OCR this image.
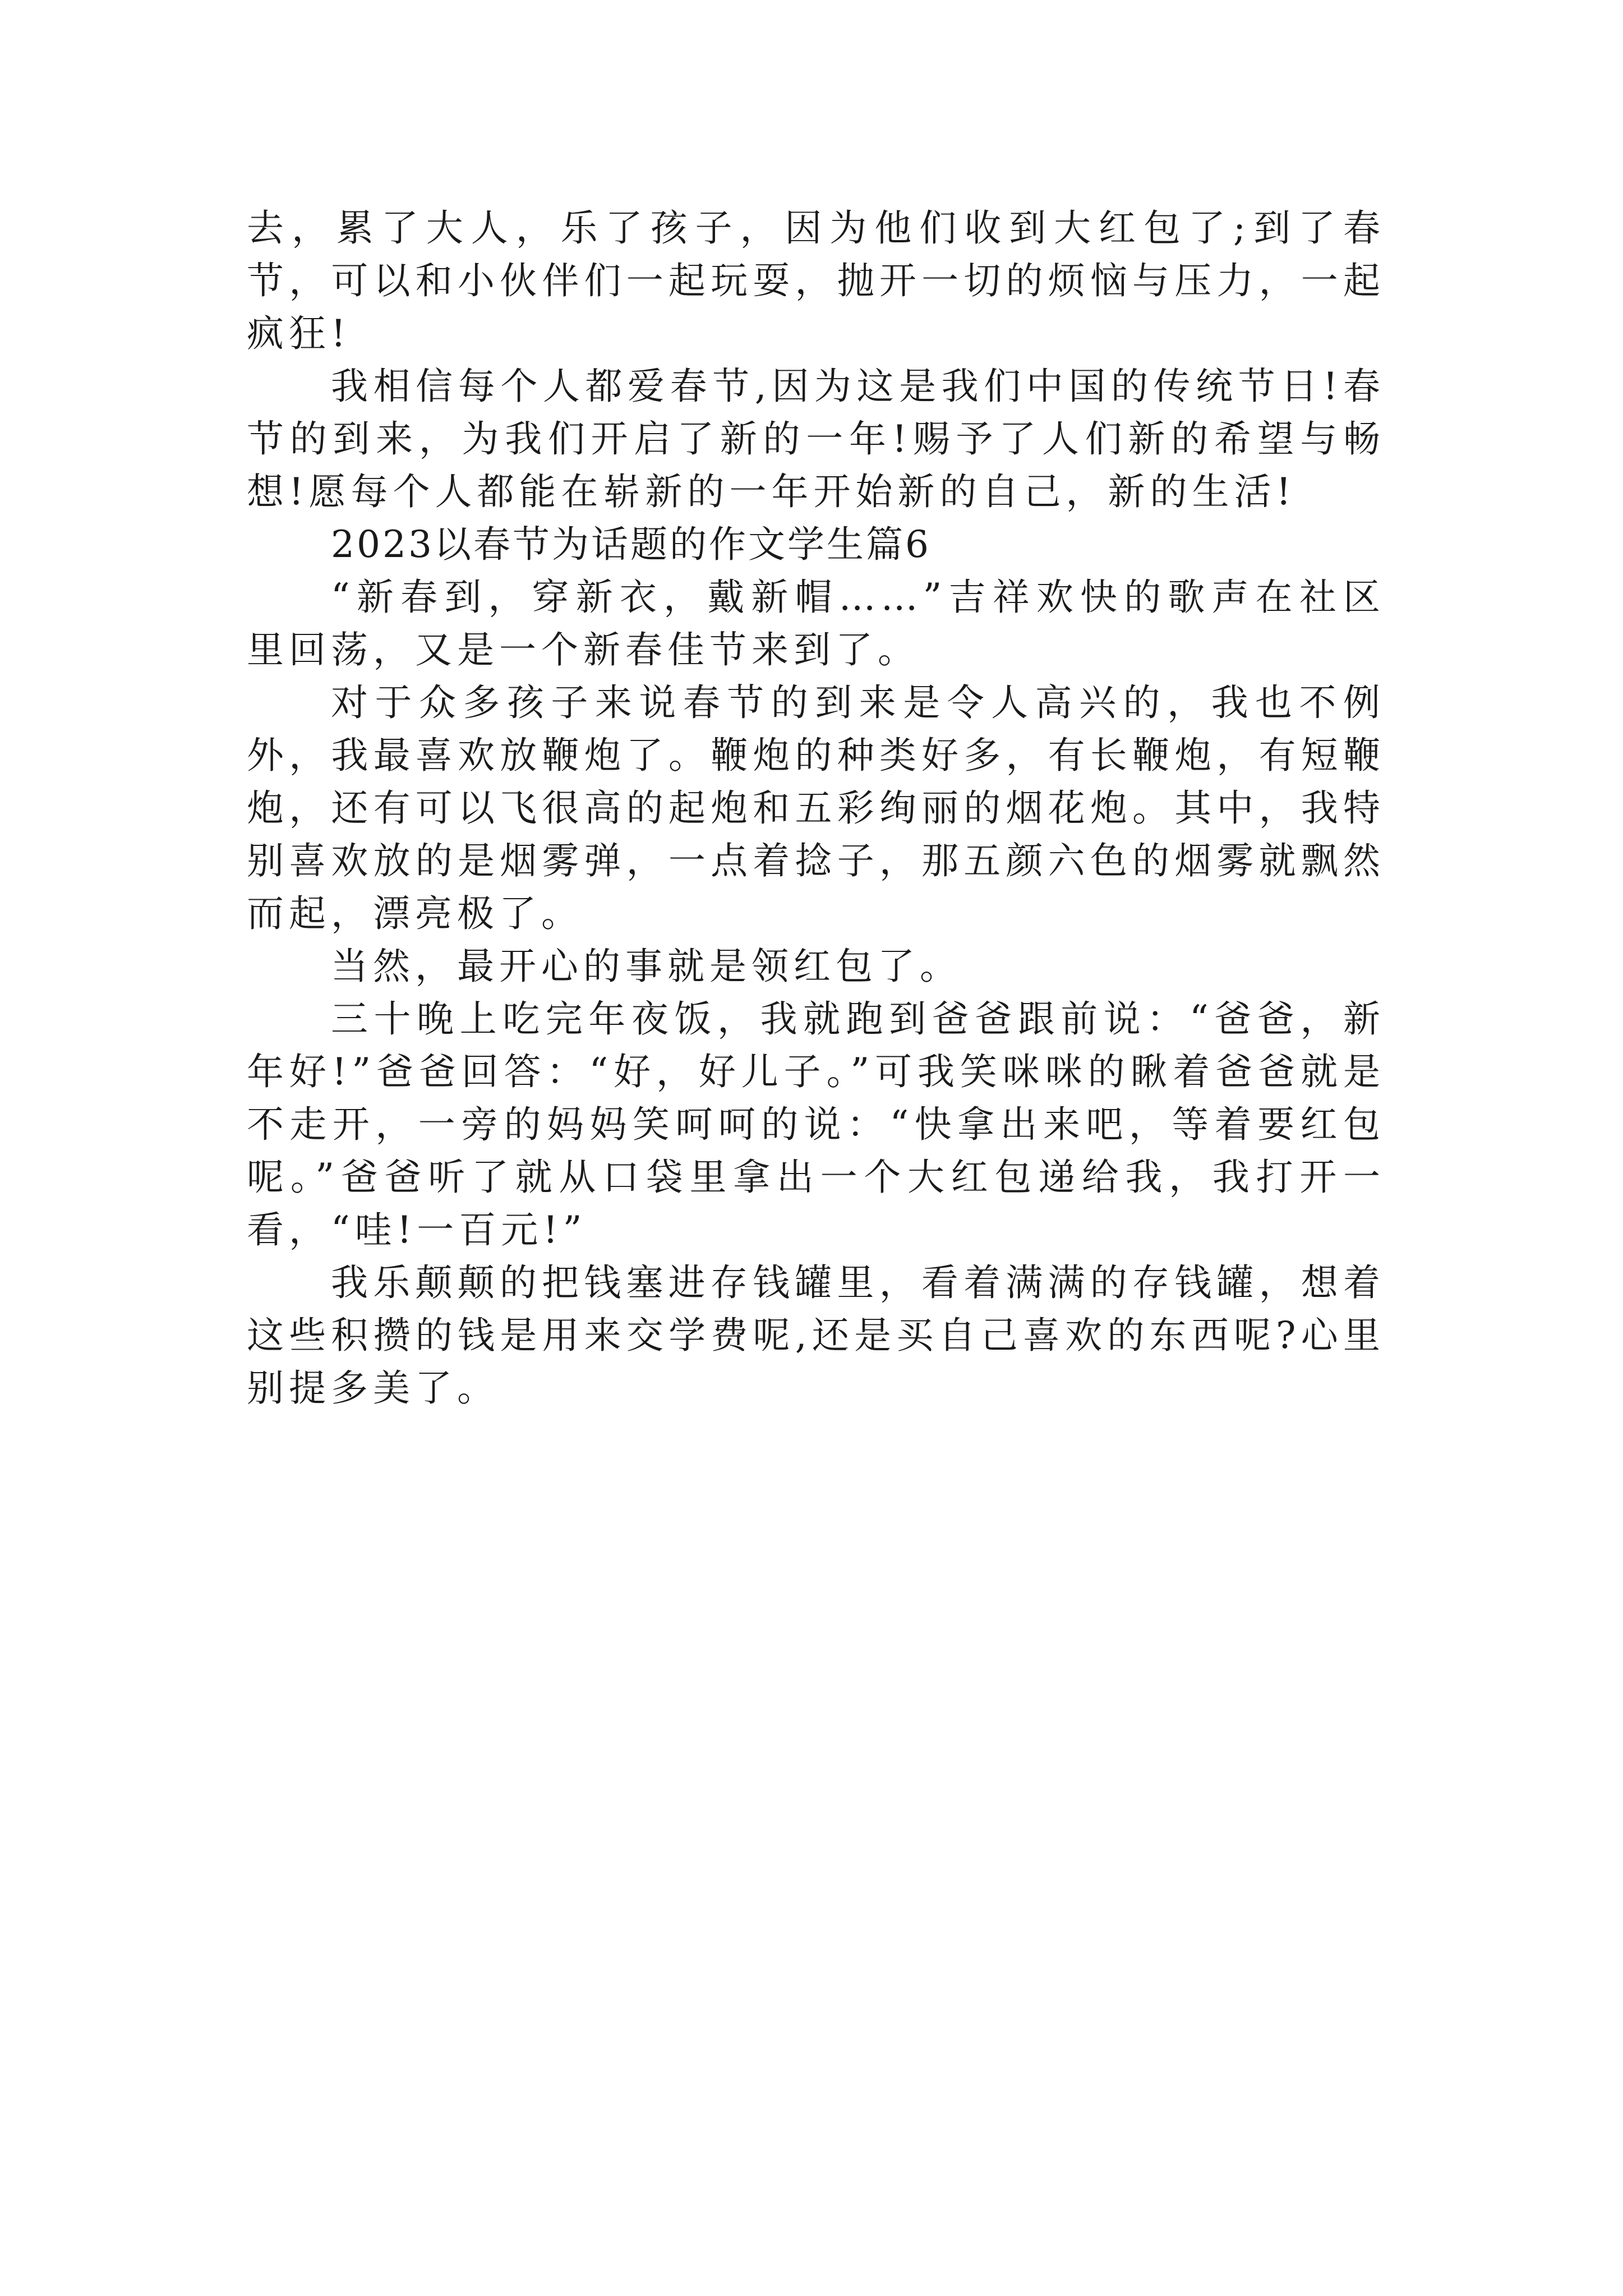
去，累了大人，乐了孩子，因为他们收到大红包了;到了春节，可以和小伙伴们一起玩耍，抛开一切的烦恼与压力，一起疯狂!

我相信每个人都爱春节,因为这是我们中国的传统节日!春节的到来，为我们开启了新的一年!赐予了人们新的希望与畅想!愿每个人都能在崭新的一年开始新的自己，新的生活!

2023以春节为话题的作文学生篇6

“新春到，穿新衣，戴新帽……”吉祥欢快的歌声在社区里回荡，又是一个新春佳节来到了。

对于众多孩子来说春节的到来是令人高兴的，我也不例外，我最喜欢放鞭炮了。鞭炮的种类好多，有长鞭炮，有短鞭炮，还有可以飞很高的起炮和五彩绚丽的烟花炮。其中，我特别喜欢放的是烟雾弹，一点着捻子，那五颜六色的烟雾就飘然而起，漂亮极了。

当然，最开心的事就是领红包了。

三十晚上吃完年夜饭，我就跑到爸爸跟前说：“爸爸，新年好!”爸爸回答：“好，好儿子。”可我笑咪咪的瞅着爸爸就是不走开，一旁的妈妈笑呵呵的说：“快拿出来吧，等着要红包呢。”爸爸听了就从口袋里拿出一个大红包递给我，我打开一看，“哇!一百元!”

我乐颠颠的把钱塞进存钱罐里，看着满满的存钱罐，想着这些积攒的钱是用来交学费呢,还是买自己喜欢的东西呢?心里别提多美了。
